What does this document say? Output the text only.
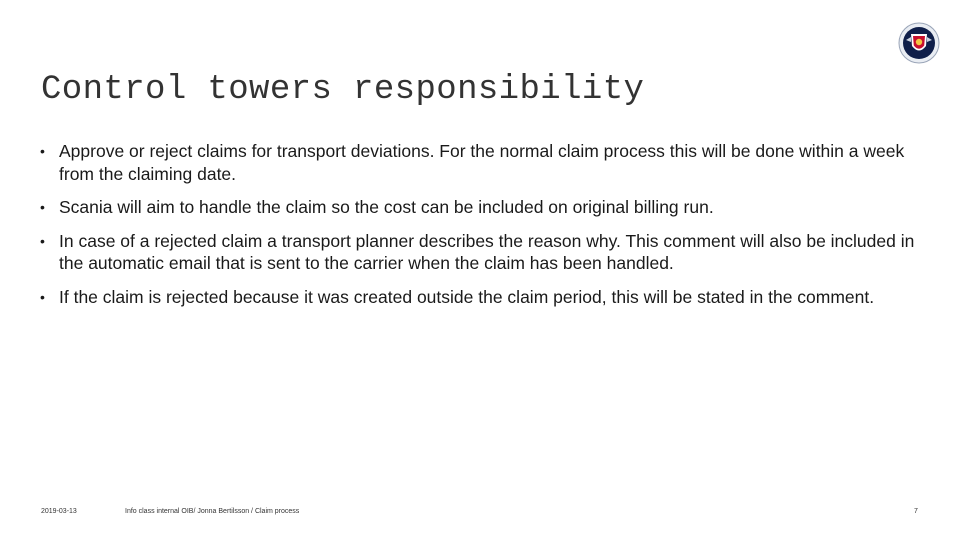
Control towers responsibility
• Approve or reject claims for transport deviations. For the normal claim process this will be done within a week from the claiming date.
• Scania will aim to handle the claim so the cost can be included on original billing run.
• In case of a rejected claim a transport planner describes the reason why. This comment will also be included in the automatic email that is sent to the carrier when the claim has been handled.
• If the claim is rejected because it was created outside the claim period, this will be stated in the comment.
2019-03-13	Info class internal OIB/ Jonna Bertilsson / Claim process	7
